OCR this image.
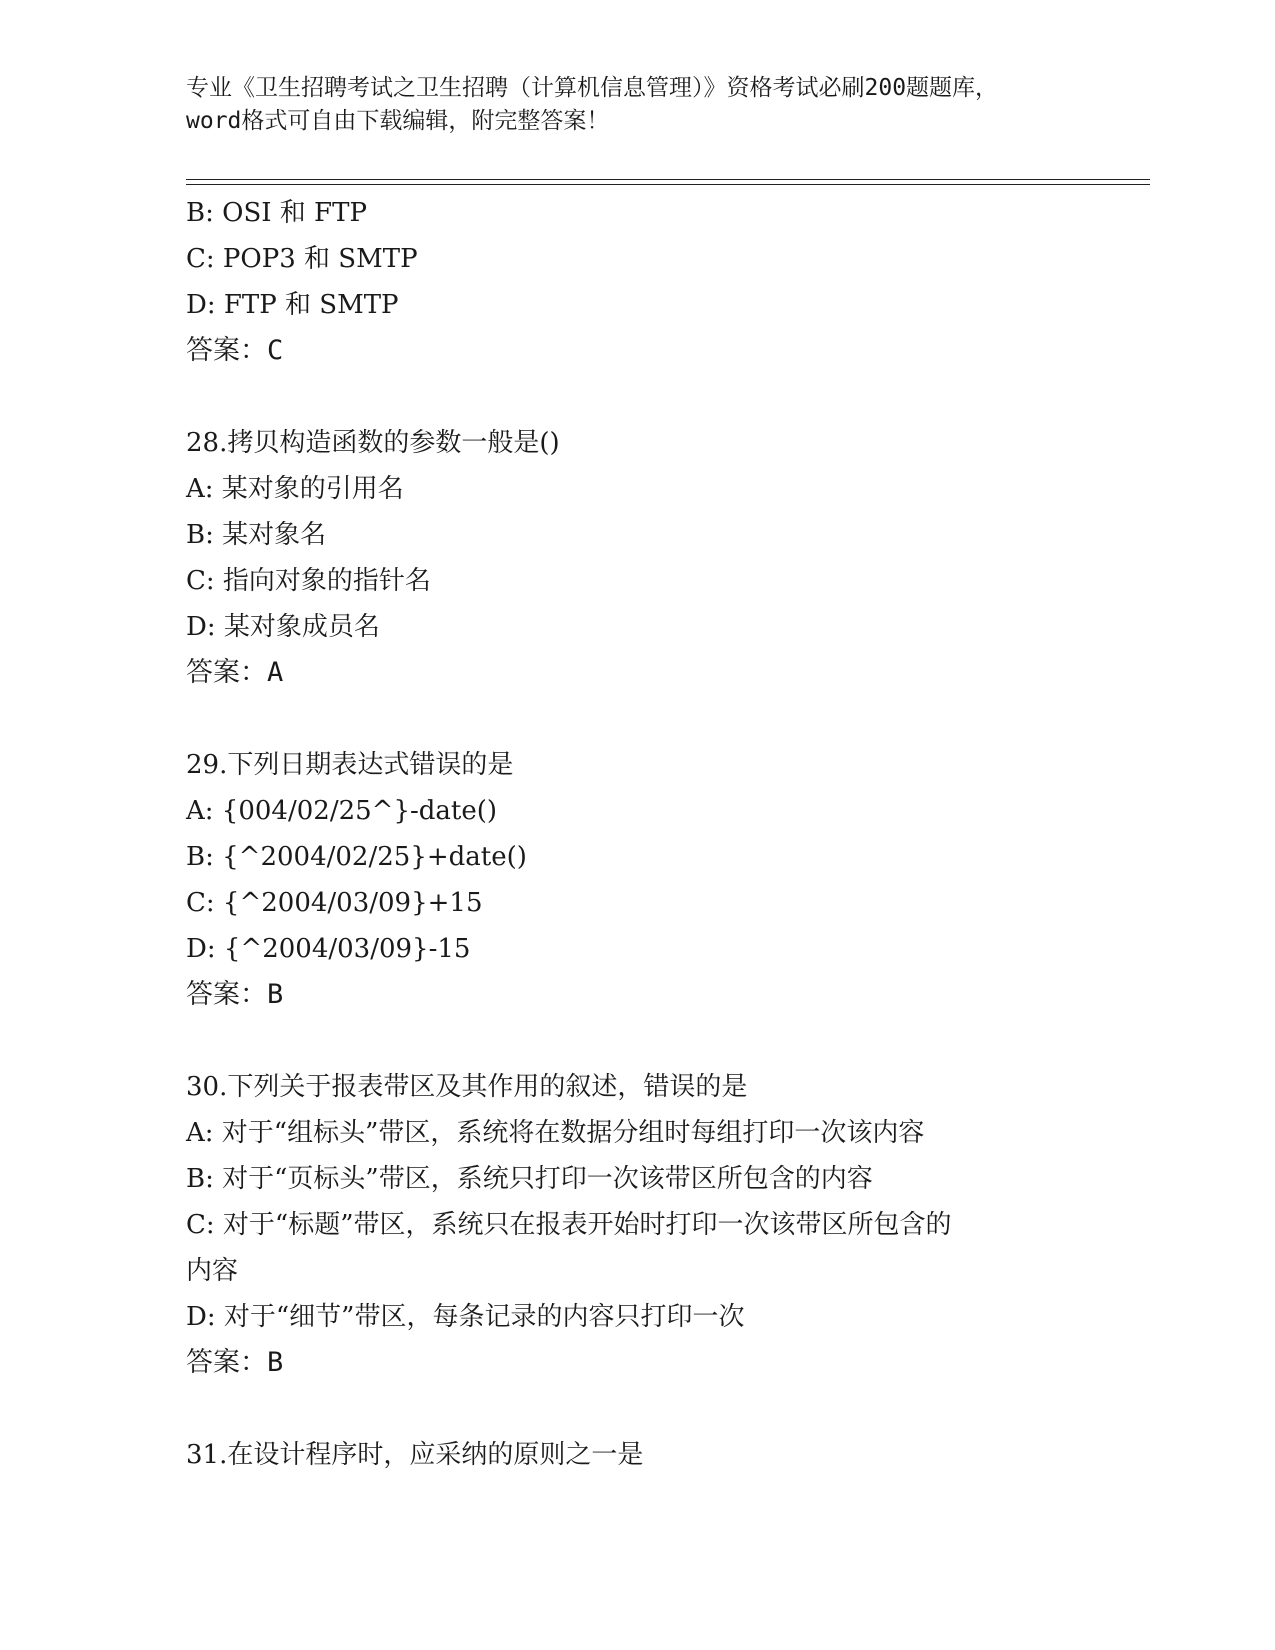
专业《卫生招聘考试之卫生招聘（计算机信息管理）》资格考试必刷200题题库，
word格式可自由下载编辑，附完整答案！
B: OSI 和 FTP
C: POP3 和 SMTP
D: FTP 和 SMTP
答案：C
28.拷贝构造函数的参数一般是()
A: 某对象的引用名
B: 某对象名
C: 指向对象的指针名
D: 某对象成员名
答案：A
29.下列日期表达式错误的是
A: {004/02/25^}-date()
B: {^2004/02/25}+date()
C: {^2004/03/09}+15
D: {^2004/03/09}-15
答案：B
30.下列关于报表带区及其作用的叙述，错误的是
A: 对于“组标头”带区，系统将在数据分组时每组打印一次该内容
B: 对于“页标头”带区，系统只打印一次该带区所包含的内容
C: 对于“标题”带区，系统只在报表开始时打印一次该带区所包含的
内容
D: 对于“细节”带区，每条记录的内容只打印一次
答案：B
31.在设计程序时，应采纳的原则之一是
